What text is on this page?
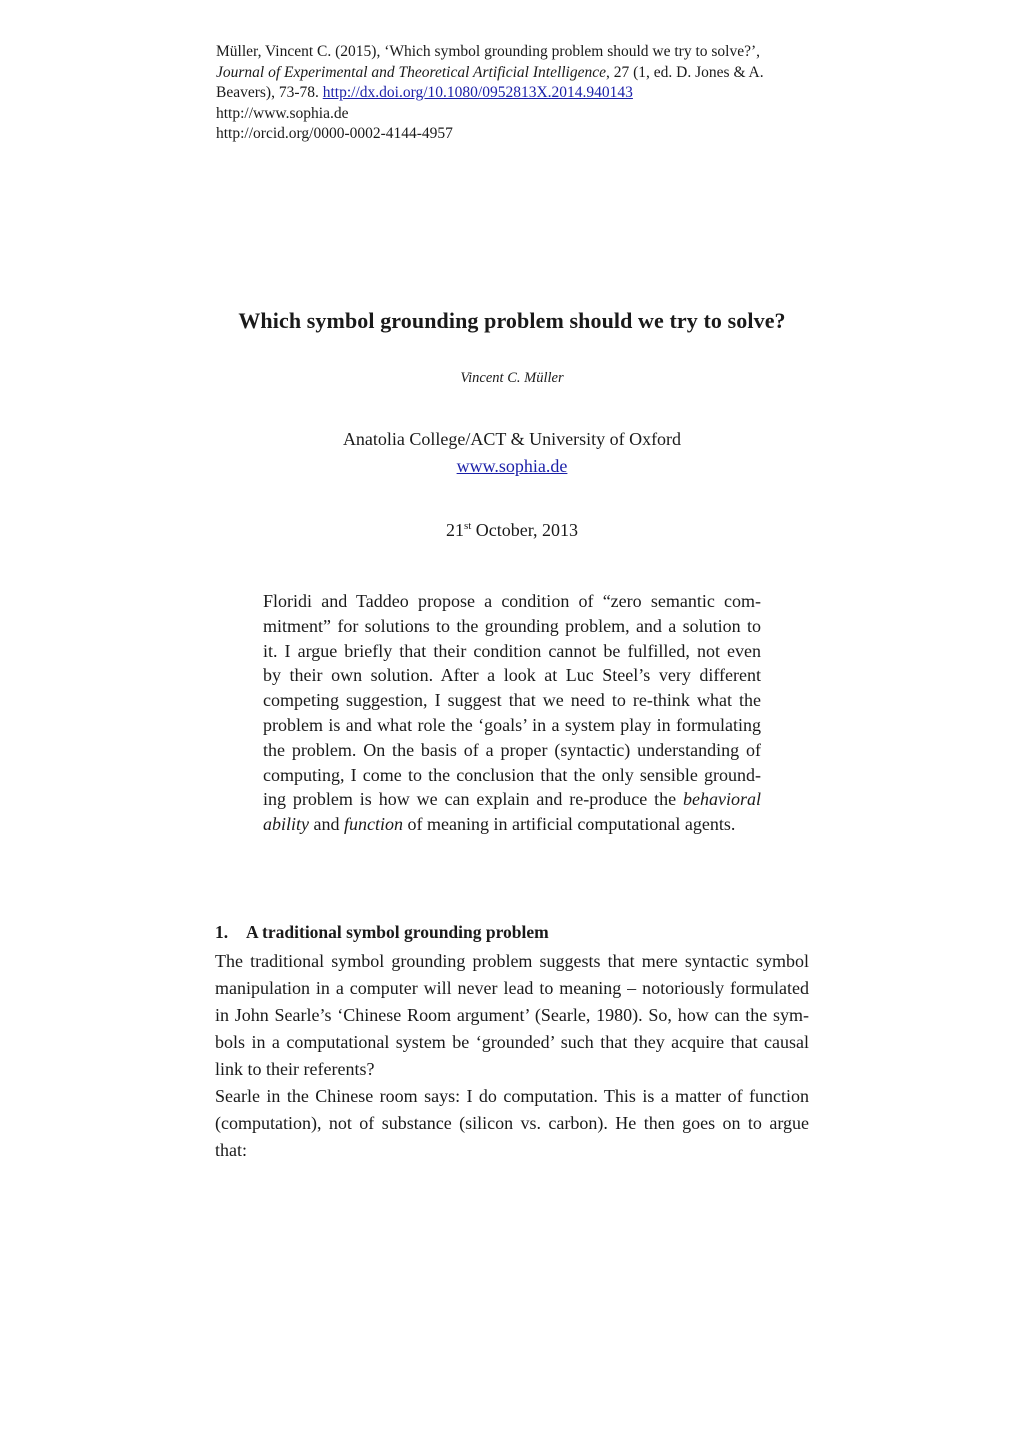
Müller, Vincent C. (2015), ‘Which symbol grounding problem should we try to solve?’,
Journal of Experimental and Theoretical Artificial Intelligence, 27 (1, ed. D. Jones & A.
Beavers), 73-78. http://dx.doi.org/10.1080/0952813X.2014.940143
http://www.sophia.de
http://orcid.org/0000-0002-4144-4957
Which symbol grounding problem should we try to solve?
Vincent C. Müller
Anatolia College/ACT & University of Oxford
www.sophia.de
21st October, 2013
Floridi and Taddeo propose a condition of “zero semantic com-
mitment” for solutions to the grounding problem, and a solution to
it. I argue briefly that their condition cannot be fulfilled, not even
by their own solution. After a look at Luc Steel’s very different
competing suggestion, I suggest that we need to re-think what the
problem is and what role the ‘goals’ in a system play in formulating
the problem. On the basis of a proper (syntactic) understanding of
computing, I come to the conclusion that the only sensible ground-
ing problem is how we can explain and re-produce the behavioral
ability and function of meaning in artificial computational agents.
1. A traditional symbol grounding problem
The traditional symbol grounding problem suggests that mere syntactic symbol
manipulation in a computer will never lead to meaning – notoriously formulated
in John Searle’s ‘Chinese Room argument’ (Searle, 1980). So, how can the sym-
bols in a computational system be ‘grounded’ such that they acquire that causal
link to their referents?
Searle in the Chinese room says: I do computation. This is a matter of function
(computation), not of substance (silicon vs. carbon). He then goes on to argue
that:
